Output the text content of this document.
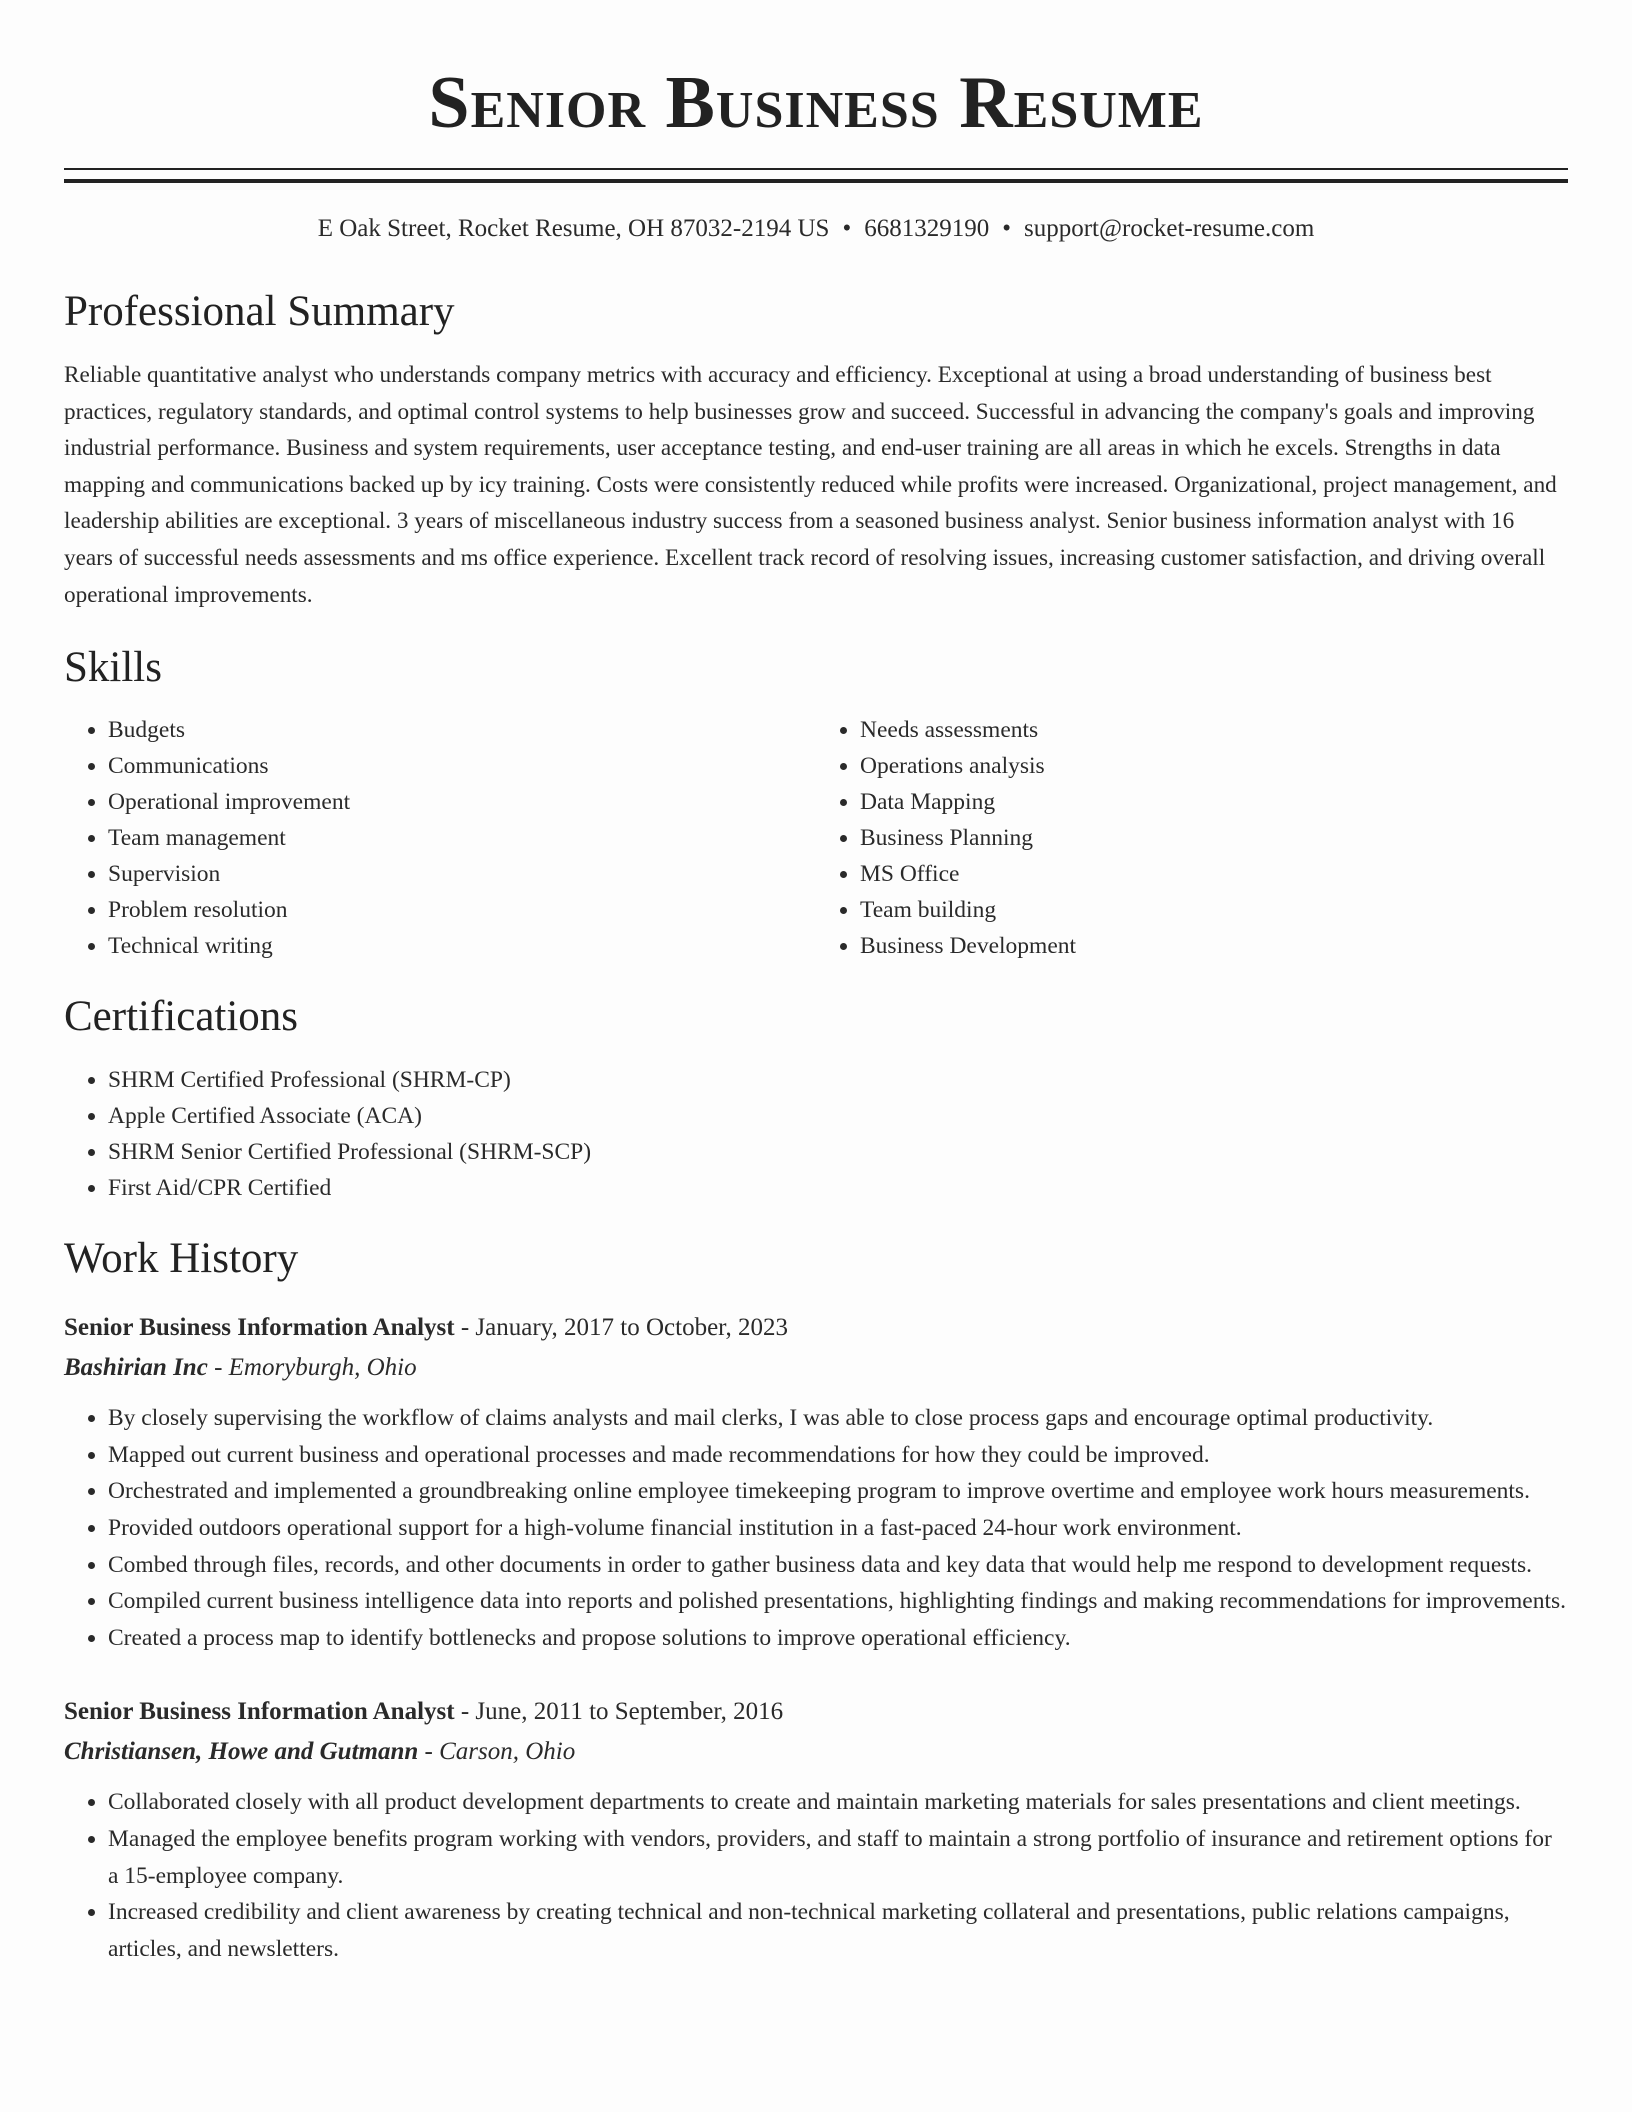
Senior Business Resume
E Oak Street, Rocket Resume, OH 87032-2194 US • 6681329190 • support@rocket-resume.com
Professional Summary

Reliable quantitative analyst who understands company metrics with accuracy and efficiency. Exceptional at using a broad understanding of business best practices, regulatory standards, and optimal control systems to help businesses grow and succeed. Successful in advancing the company's goals and improving industrial performance. Business and system requirements, user acceptance testing, and end-user training are all areas in which he excels. Strengths in data mapping and communications backed up by icy training. Costs were consistently reduced while profits were increased. Organizational, project management, and leadership abilities are exceptional. 3 years of miscellaneous industry success from a seasoned business analyst. Senior business information analyst with 16 years of successful needs assessments and ms office experience. Excellent track record of resolving issues, increasing customer satisfaction, and driving overall operational improvements.

Skills
• Budgets
• Communications
• Operational improvement
• Team management
• Supervision
• Problem resolution
• Technical writing
• Needs assessments
• Operations analysis
• Data Mapping
• Business Planning
• MS Office
• Team building
• Business Development
Certifications
• SHRM Certified Professional (SHRM-CP)
• Apple Certified Associate (ACA)
• SHRM Senior Certified Professional (SHRM-SCP)
• First Aid/CPR Certified
Work History
Senior Business Information Analyst - January, 2017 to October, 2023
Bashirian Inc - Emoryburgh, Ohio
• By closely supervising the workflow of claims analysts and mail clerks, I was able to close process gaps and encourage optimal productivity.
• Mapped out current business and operational processes and made recommendations for how they could be improved.
• Orchestrated and implemented a groundbreaking online employee timekeeping program to improve overtime and employee work hours measurements.
• Provided outdoors operational support for a high-volume financial institution in a fast-paced 24-hour work environment.
• Combed through files, records, and other documents in order to gather business data and key data that would help me respond to development requests.
• Compiled current business intelligence data into reports and polished presentations, highlighting findings and making recommendations for improvements.
• Created a process map to identify bottlenecks and propose solutions to improve operational efficiency.
Senior Business Information Analyst - June, 2011 to September, 2016
Christiansen, Howe and Gutmann - Carson, Ohio
• Collaborated closely with all product development departments to create and maintain marketing materials for sales presentations and client meetings.
• Managed the employee benefits program working with vendors, providers, and staff to maintain a strong portfolio of insurance and retirement options for a 15-employee company.
• Increased credibility and client awareness by creating technical and non-technical marketing collateral and presentations, public relations campaigns, articles, and newsletters.
